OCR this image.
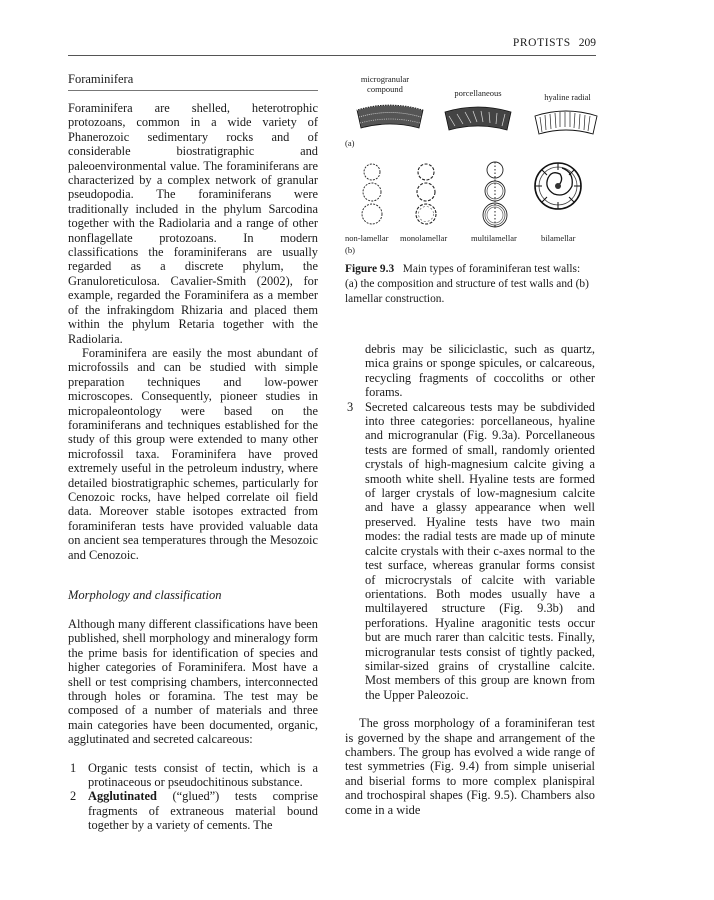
PROTISTS 209
Foraminifera

Foraminifera are shelled, heterotrophic protozoans, common in a wide variety of Phanerozoic sedimentary rocks and of considerable biostratigraphic and paleoenvironmental value. The foraminiferans are characterized by a complex network of granular pseudopodia. The foraminiferans were traditionally included in the phylum Sarcodina together with the Radiolaria and a range of other nonflagellate protozoans. In modern classifications the foraminiferans are usually regarded as a discrete phylum, the Granuloreticulosa. Cavalier-Smith (2002), for example, regarded the Foraminifera as a member of the infrakingdom Rhizaria and placed them within the phylum Retaria together with the Radiolaria.

Foraminifera are easily the most abundant of microfossils and can be studied with simple preparation techniques and low-power microscopes. Consequently, pioneer studies in micropaleontology were based on the foraminiferans and techniques established for the study of this group were extended to many other microfossil taxa. Foraminifera have proved extremely useful in the petroleum industry, where detailed biostratigraphic schemes, particularly for Cenozoic rocks, have helped correlate oil field data. Moreover stable isotopes extracted from foraminiferan tests have provided valuable data on ancient sea temperatures through the Mesozoic and Cenozoic.

Morphology and classification

Although many different classifications have been published, shell morphology and mineralogy form the prime basis for identification of species and higher categories of Foraminifera. Most have a shell or test comprising chambers, interconnected through holes or foramina. The test may be composed of a number of materials and three main categories have been documented, organic, agglutinated and secreted calcareous:

1 Organic tests consist of tectin, which is a protinaceous or pseudochitinous substance.
2 Agglutinated (“glued”) tests comprise fragments of extraneous material bound together by a variety of cements. The
microgranular compound	porcellaneous	hyaline radial
(a)
non-lamellar monolamellar	multilamellar	bilamellar
(b)

Figure 9.3 Main types of foraminiferan test walls: (a) the composition and structure of test walls and (b) lamellar construction.

debris may be siliciclastic, such as quartz, mica grains or sponge spicules, or calcareous, recycling fragments of coccoliths or other forams.
3 Secreted calcareous tests may be subdivided into three categories: porcellaneous, hyaline and microgranular (Fig. 9.3a). Porcellaneous tests are formed of small, randomly oriented crystals of high-magnesium calcite giving a smooth white shell. Hyaline tests are formed of larger crystals of low-magnesium calcite and have a glassy appearance when well preserved. Hyaline tests have two main modes: the radial tests are made up of minute calcite crystals with their c-axes normal to the test surface, whereas granular forms consist of microcrystals of calcite with variable orientations. Both modes usually have a multilayered structure (Fig. 9.3b) and perforations. Hyaline aragonitic tests occur but are much rarer than calcitic tests. Finally, microgranular tests consist of tightly packed, similar-sized grains of crystalline calcite. Most members of this group are known from the Upper Paleozoic.

The gross morphology of a foraminiferan test is governed by the shape and arrangement of the chambers. The group has evolved a wide range of test symmetries (Fig. 9.4) from simple uniserial and biserial forms to more complex planispiral and trochospiral shapes (Fig. 9.5). Chambers also come in a wide
